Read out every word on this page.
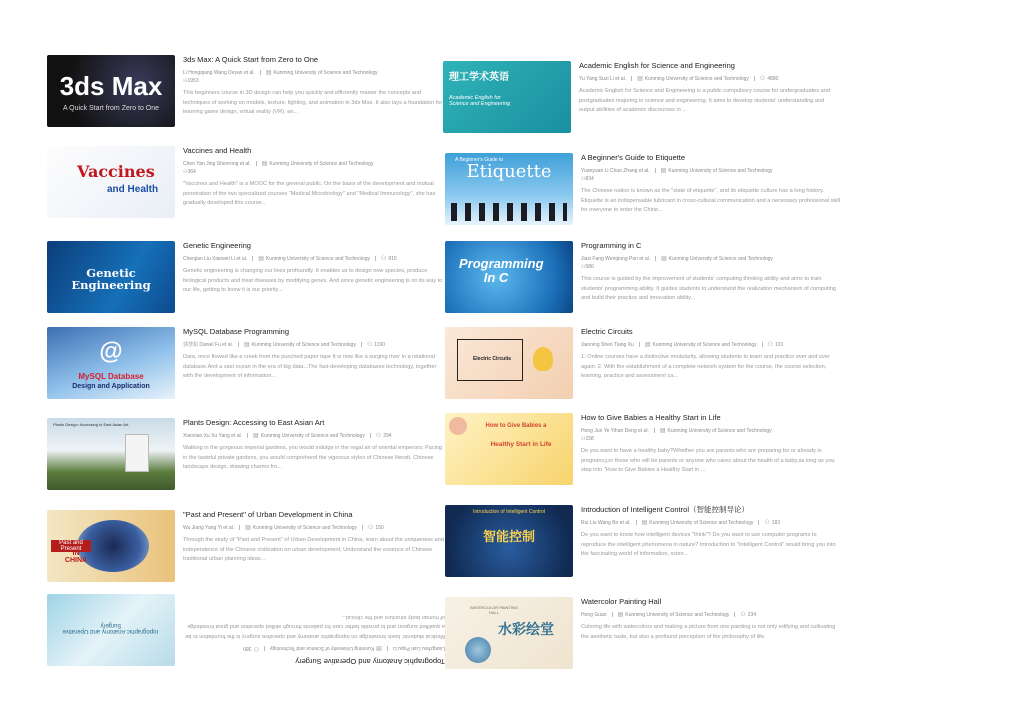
3ds Max
A Quick Start from Zero to One
3ds Max: A Quick Start from Zero to One
Li Hongqiang Wang Deyan et al. ▤ Kunming University of Science and Technology
⚇1953
This beginners course in 3D design can help you quickly and efficiently master the concepts and techniques of working on models, texture, lighting, and animation in 3ds Max. It also lays a foundation for learning game design, virtual reality (VR), an...
Vaccines
and Health
Vaccines and Health
Chen Yan Jing Shenrong et al. ▤ Kunming University of Science and Technology
⚇364
"Vaccines and Health" is a MOOC for the general public. On the basis of the development and mutual penetration of the two specialized courses "Medical Microbiology" and "Medical Immunology", she has gradually developed this course...
Genetic Engineering
Genetic Engineering
Chenjian Liu Xiaowei Li et al. ▤ Kunming University of Science and Technology ⚇ 915
Genetic engineering is changing our lives profoundly. It enables us to design new species, produce biological products and treat diseases by modifying genes. And since genetic engineering is on its way to our life, getting to know it is our priority...
@
MySQL Database
Design and Application
MySQL Database Programming
郭慧娟 Daniel Fu et al. ▤ Kunming University of Science and Technology ⚇ 1190
Data, once flowed like a creek from the punched paper tape It is now like a surging river in a relational database.And a vast ocean in the era of big data...The fast-developing databases technology, together with the development of information...
Plants Design: Accessing to East Asian Art	Plants Design: Accessing to East Asian Art
Xiaoxiao Xu Xu Yang et al. ▤ Kunming University of Science and Technology ⚇ 294
Walking in the gorgeous imperial gardens, you would indulge in the regal air of oriental emperors; Pacing in the tasteful private gardens, you would comprehend the vigorous styles of Chinese literati. Chinese landscape design, drawing charms fro...
Past and Present
IN CHINA
"Past and Present" of Urban Development in China
Wu Jiang Yang Yi et al. ▤ Kunming University of Science and Technology ⚇ 150
Through the study of "Past and Present" of Urban Development in China, learn about the uniqueness and independence of the Chinese civilization on urban development; Understand the essence of Chinese traditional urban planning ideas...
Topographic Anatomy and Operative Surgery
Topographic Anatomy and Operative Surgery
Liangzhou Lian Pupu Li▤Kunming University of Science and Technology⚇380
Medical students' basic knowledge on topographic anatomy and operative surgery is the foundation to be a qualified surgeon and to provide better care for patients through skilled operation and great knowledge of human body structure and the clinical...
理工学术英语
Academic English for Science and Engineering
Academic English for Science and Engineering
Yu Yang Suzi Li et al. ▤ Kunming University of Science and Technology ⚇ 4880
Academic English for Science and Engineering is a public compulsory course for undergraduates and postgraduates majoring in science and engineering. It aims to develop students' understanding and output abilities of academic discourses in ...
A Beginner's Guide to
Etiquette
A Beginner's Guide to Etiquette
Yuanyuan Li Chao Zhang et al. ▤ Kunming University of Science and Technology
⚇834
The Chinese nation is known as the "state of etiquette", and its etiquette culture has a long history. Etiquette is an indispensable lubricant in cross-cultural communication and a necessary professional skill for everyone to enter the Chine...
Programming In C
Programming in C
Jiazi Fang Wenqiong Pan et al. ▤ Kunming University of Science and Technology
⚇580
This course is guided by the improvement of students' computing thinking ability and aims to train students' programming ability. It guides students to understand the realization mechanism of computing and build their practice and innovation ability...
Electric Circuits
Electric Circuits
Jianning Shen Tiang Xu ▤ Kunming University of Science and Technology ⚇ 101
1. Online courses have a distinctive modularity, allowing students to learn and practice over and over again. 2. With the establishment of a complete network system for the course, the course selection, learning, practice and assessment ca...
How to Give Babies a
Healthy Start in Life
How to Give Babies a Healthy Start in Life
Hong Jun Ye Yihan Deng et al. ▤ Kunming University of Science and Technology
⚇158
Do you want to have a healthy baby?Whether you are parents who are preparing for or already in pregnancy,or those who will be parents or anyone who cares about the health of a baby,as long as you step into "How to Give Babies a Healthy Start in ...
Introduction of Intelligent Control
智能控制
Introduction of Intelligent Control（智能控制导论）
Rui Liu Wang Bo et al. ▤ Kunming University of Science and Technology ⚇ 183
Do you want to know how intelligent devices "think"? Do you want to use computer programs to reproduce the intelligent phenomena in nature? Introduction to "Intelligent Control" would bring you into the fascinating world of information, scien...
WATERCOLOR PAINTING HALL
水彩绘堂
Watercolor Painting Hall
Hong Guan ▤ Kunming University of Science and Technology ⚇ 234
Coloring life with watercolors and making a picture from one painting is not only edifying and cultivating the aesthetic taste, but also a profound perception of the philosophy of life.
